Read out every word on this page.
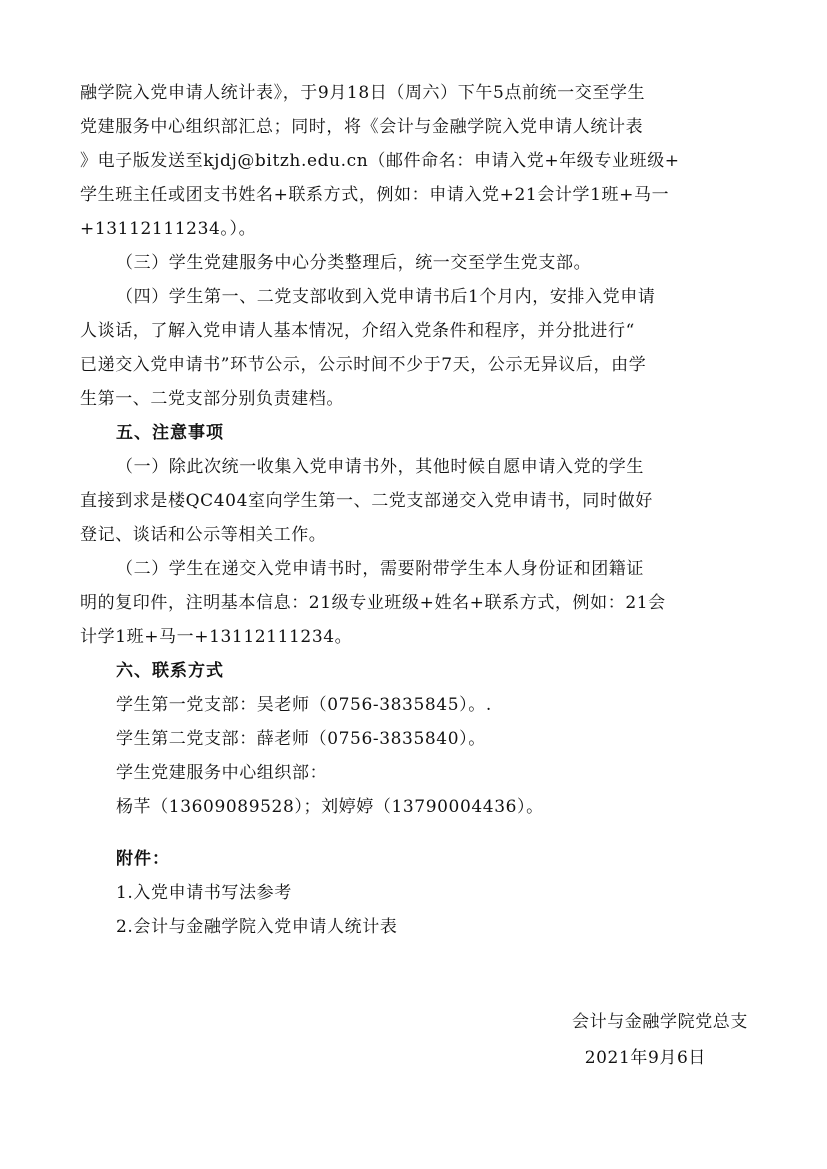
融学院入党申请人统计表》，于9月18日（周六）下午5点前统一交至学生
党建服务中心组织部汇总；同时，将《会计与金融学院入党申请人统计表
》电子版发送至kjdj@bitzh.edu.cn（邮件命名：申请入党+年级专业班级+
学生班主任或团支书姓名+联系方式，例如：申请入党+21会计学1班+马一
+13112111234。）。
（三）学生党建服务中心分类整理后，统一交至学生党支部。
（四）学生第一、二党支部收到入党申请书后1个月内，安排入党申请
人谈话，了解入党申请人基本情况，介绍入党条件和程序，并分批进行“
已递交入党申请书”环节公示，公示时间不少于7天，公示无异议后，由学
生第一、二党支部分别负责建档。
五、注意事项
（一）除此次统一收集入党申请书外，其他时候自愿申请入党的学生
直接到求是楼QC404室向学生第一、二党支部递交入党申请书，同时做好
登记、谈话和公示等相关工作。
（二）学生在递交入党申请书时，需要附带学生本人身份证和团籍证
明的复印件，注明基本信息：21级专业班级+姓名+联系方式，例如：21会
计学1班+马一+13112111234。
六、联系方式
学生第一党支部：吴老师（0756-3835845）。.
学生第二党支部：薛老师（0756-3835840）。
学生党建服务中心组织部：
杨芊（13609089528）；刘婷婷（13790004436）。
附件：
1.入党申请书写法参考
2.会计与金融学院入党申请人统计表
会计与金融学院党总支
2021年9月6日
